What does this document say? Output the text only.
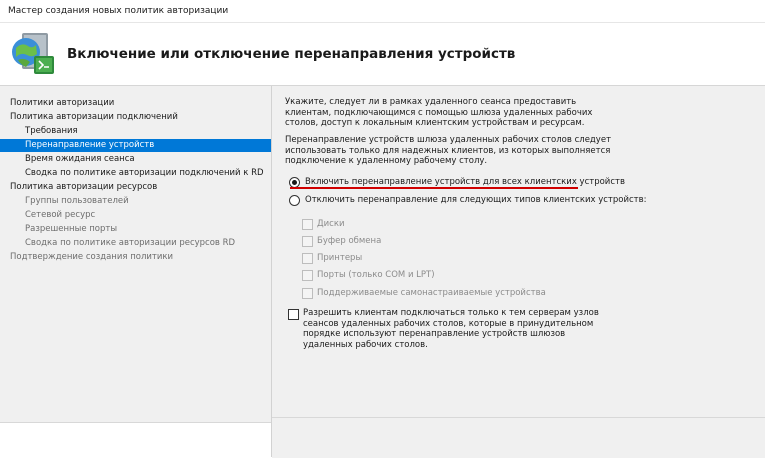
Мастер создания новых политик авторизации
Включение или отключение перенаправления устройств
Политики авторизации
Политика авторизации подключений
Требования
Перенаправление устройств
Время ожидания сеанса
Сводка по политике авторизации подключений к RD
Политика авторизации ресурсов
Группы пользователей
Сетевой ресурс
Разрешенные порты
Сводка по политике авторизации ресурсов RD
Подтверждение создания политики
Укажите, следует ли в рамках удаленного сеанса предоставить клиентам, подключающимся с помощью шлюза удаленных рабочих столов, доступ к локальным клиентским устройствам и ресурсам.
Перенаправление устройств шлюза удаленных рабочих столов следует использовать только для надежных клиентов, из которых выполняется подключение к удаленному рабочему столу.
Включить перенаправление устройств для всех клиентских устройств
Отключить перенаправление для следующих типов клиентских устройств:
Диски
Буфер обмена
Принтеры
Порты (только COM и LPT)
Поддерживаемые самонастраиваемые устройства
Разрешить клиентам подключаться только к тем серверам узлов сеансов удаленных рабочих столов, которые в принудительном порядке используют перенаправление устройств шлюзов удаленных рабочих столов.
